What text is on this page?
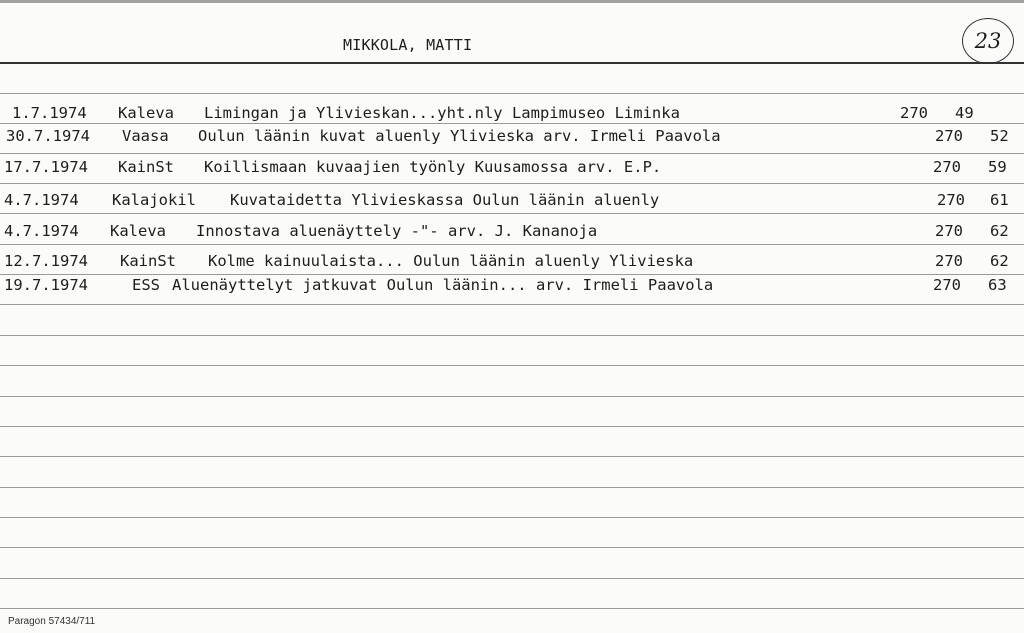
MIKKOLA, MATTI	23
1.7.1974 Kaleva Limingan ja Ylivieskan...yht.nly Lampimuseo Liminka	270 49
30.7.1974 Vaasa Oulun läänin kuvat aluenly Ylivieska arv. Irmeli Paavola	270 52
17.7.1974 KainSt Koillismaan kuvaajien työnly Kuusamossa arv. E.P.	270 59
4.7.1974 Kalajokil Kuvataidetta Ylivieskassa Oulun läänin aluenly	270 61
4.7.1974 Kaleva Innostava aluenäyttely -"- arv. J. Kananoja	270 62
12.7.1974 KainSt Kolme kainuulaista... Oulun läänin aluenly Ylivieska	270 62
19.7.1974	ESS Aluenäyttelyt jatkuvat Oulun läänin... arv. Irmeli Paavola	270 63
Paragon 57434/711
